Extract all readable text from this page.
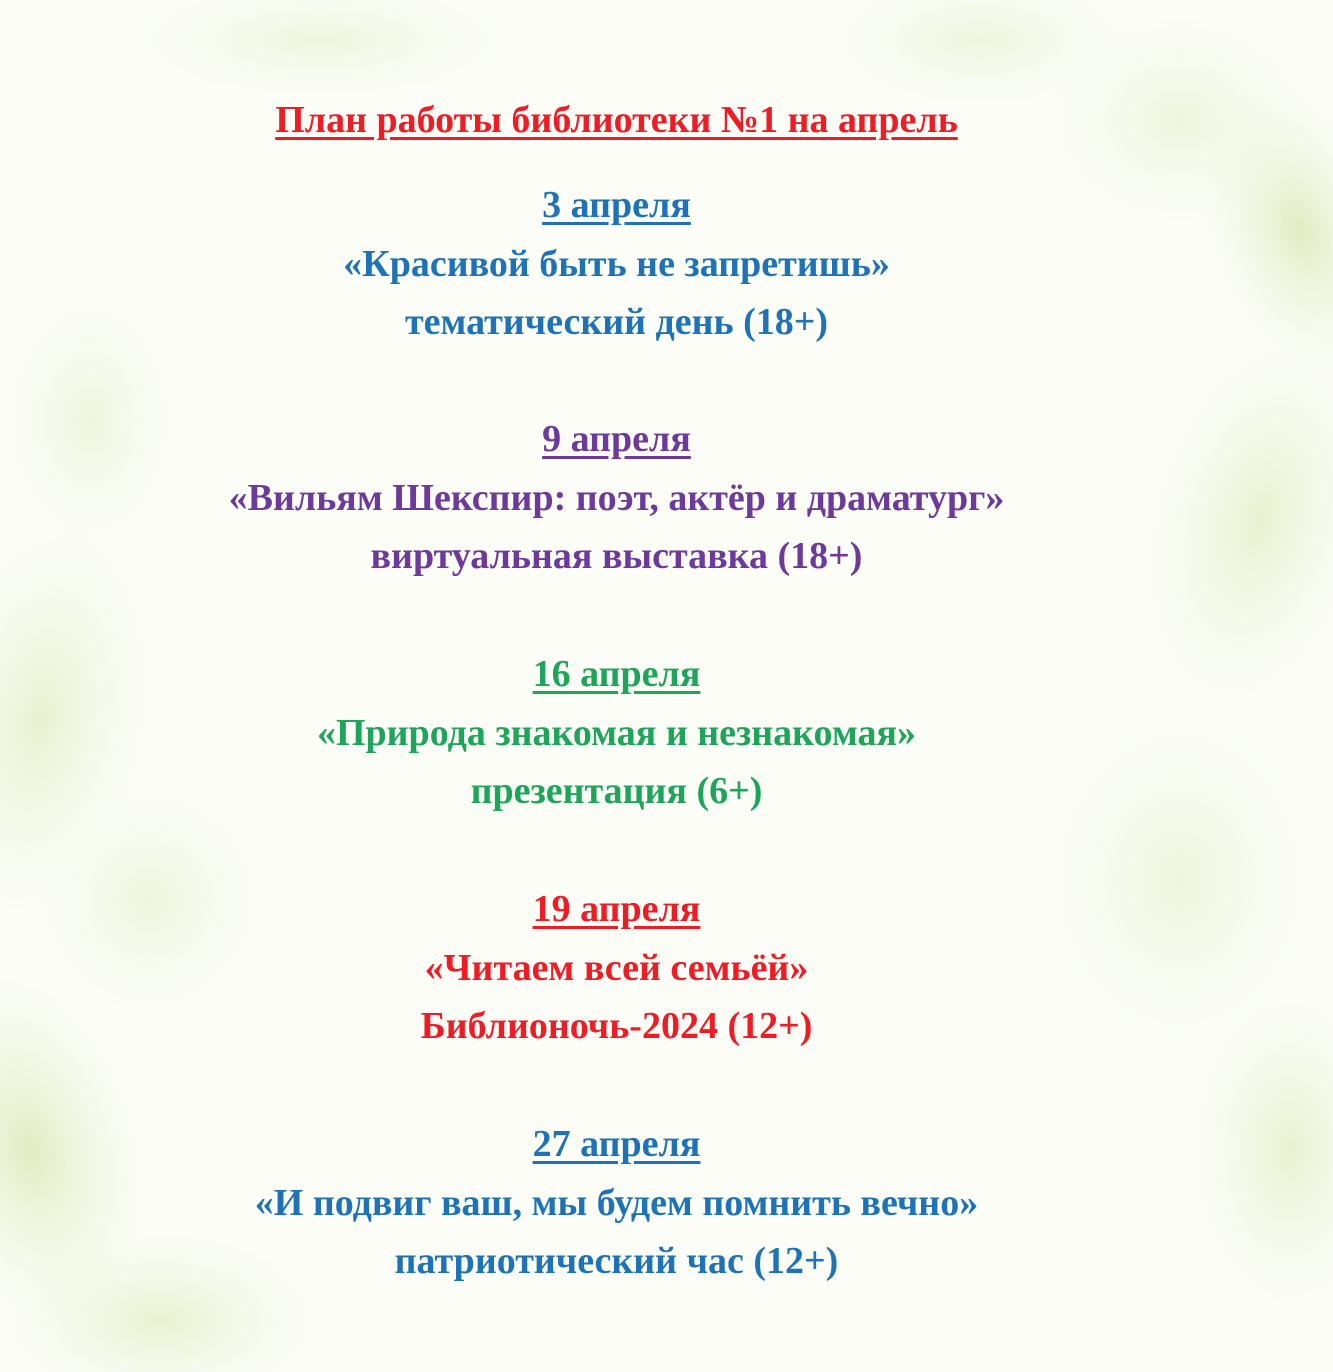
План работы библиотеки №1 на апрель
3 апреля
«Красивой быть не запретишь»
тематический день (18+)
9 апреля
«Вильям Шекспир: поэт, актёр и драматург»
виртуальная выставка (18+)
16 апреля
«Природа знакомая и незнакомая»
презентация (6+)
19 апреля
«Читаем всей семьёй»
Библионочь-2024 (12+)
27 апреля
«И подвиг ваш, мы будем помнить вечно»
патриотический час (12+)
